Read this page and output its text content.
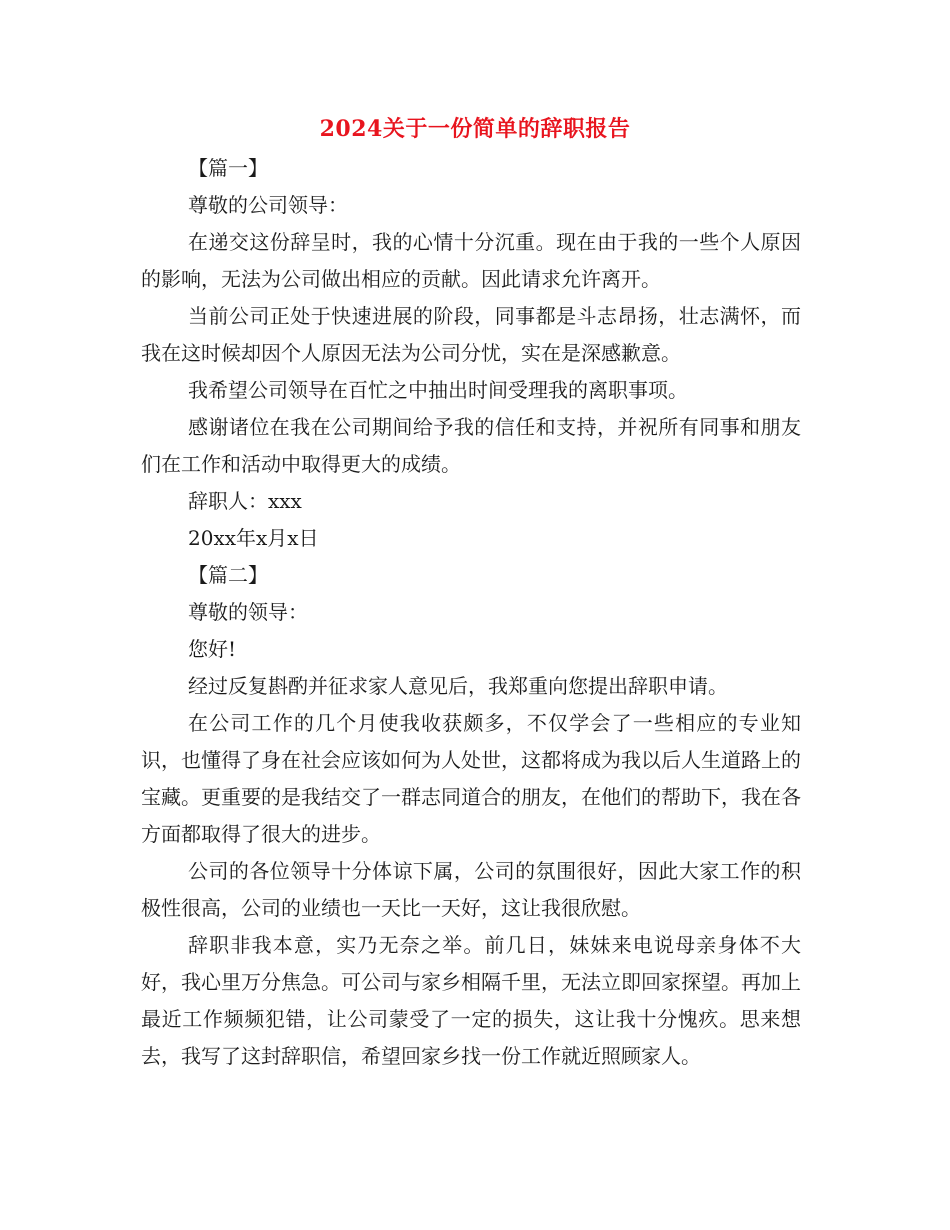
2024关于一份简单的辞职报告

【篇一】

尊敬的公司领导：

在递交这份辞呈时，我的心情十分沉重。现在由于我的一些个人原因的影响，无法为公司做出相应的贡献。因此请求允许离开。

当前公司正处于快速进展的阶段，同事都是斗志昂扬，壮志满怀，而我在这时候却因个人原因无法为公司分忧，实在是深感歉意。

我希望公司领导在百忙之中抽出时间受理我的离职事项。

感谢诸位在我在公司期间给予我的信任和支持，并祝所有同事和朋友们在工作和活动中取得更大的成绩。

辞职人：xxx

20xx年x月x日

【篇二】

尊敬的领导：

您好!

经过反复斟酌并征求家人意见后，我郑重向您提出辞职申请。

在公司工作的几个月使我收获颇多，不仅学会了一些相应的专业知识，也懂得了身在社会应该如何为人处世，这都将成为我以后人生道路上的宝藏。更重要的是我结交了一群志同道合的朋友，在他们的帮助下，我在各方面都取得了很大的进步。

公司的各位领导十分体谅下属，公司的氛围很好，因此大家工作的积极性很高，公司的业绩也一天比一天好，这让我很欣慰。

辞职非我本意，实乃无奈之举。前几日，妹妹来电说母亲身体不大好，我心里万分焦急。可公司与家乡相隔千里，无法立即回家探望。再加上最近工作频频犯错，让公司蒙受了一定的损失，这让我十分愧疚。思来想去，我写了这封辞职信，希望回家乡找一份工作就近照顾家人。
